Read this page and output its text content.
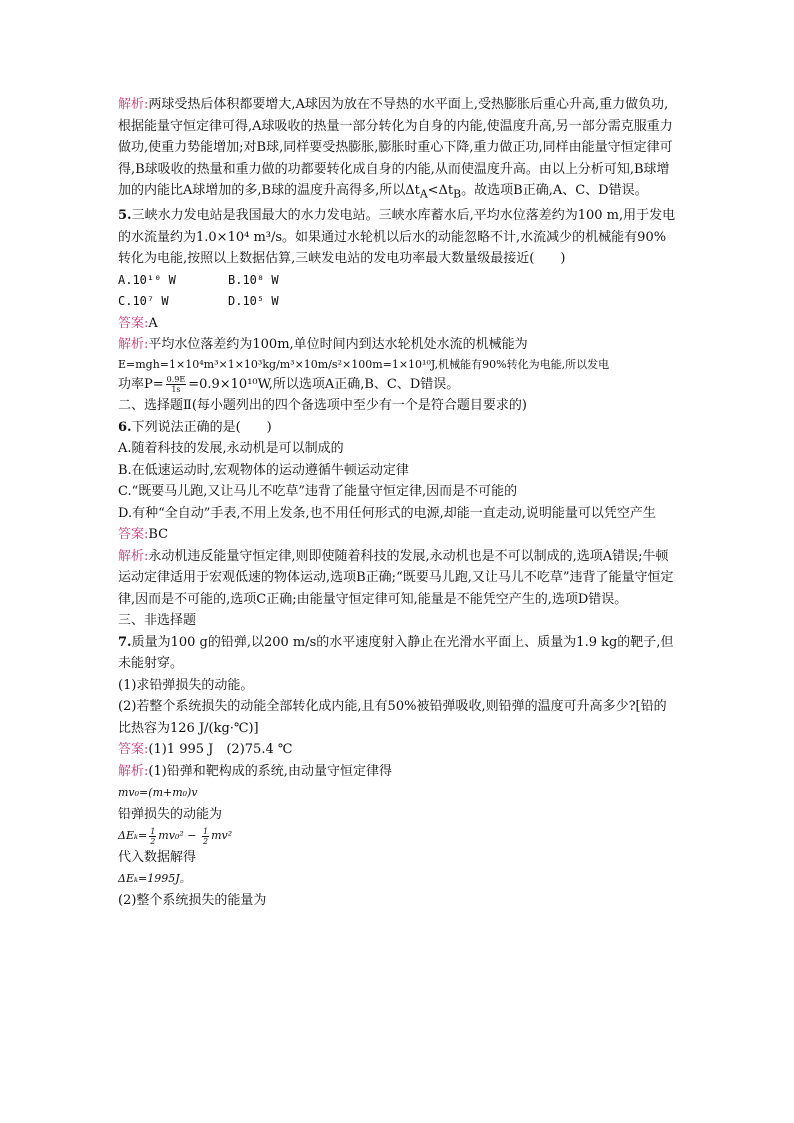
解析:两球受热后体积都要增大,A球因为放在不导热的水平面上,受热膨胀后重心升高,重力做负功,根据能量守恒定律可得,A球吸收的热量一部分转化为自身的内能,使温度升高,另一部分需克服重力做功,使重力势能增加;对B球,同样要受热膨胀,膨胀时重心下降,重力做正功,同样由能量守恒定律可得,B球吸收的热量和重力做的功都要转化成自身的内能,从而使温度升高。由以上分析可知,B球增加的内能比A球增加的多,B球的温度升高得多,所以$\Delta t_A<\Delta t_B$。故选项B正确,A、C、D错误。

5.三峡水力发电站是我国最大的水力发电站。三峡水库蓄水后,平均水位落差约为100 m,用于发电的水流量约为1.0×10⁴ m³/s。如果通过水轮机以后水的动能忽略不计,水流减少的机械能有90%转化为电能,按照以上数据估算,三峡发电站的发电功率最大数量级最接近(　　)

A.10¹⁰ W	B.10⁸ W
C.10⁷ W	D.10⁵ W

答案:A

解析:平均水位落差约为100m,单位时间内到达水轮机处水流的机械能为

E=mgh=1×10⁴m³×1×10³kg/m³×10m/s²×100m=1×10¹⁰J,机械能有90%转化为电能,所以发电

功率$P= \frac{0.9E}{1s} =0.9\times 10^{10}W$,所以选项A正确,B、C、D错误。

二、选择题Ⅱ(每小题列出的四个备选项中至少有一个是符合题目要求的)

6.下列说法正确的是(　　)

A.随着科技的发展,永动机是可以制成的

B.在低速运动时,宏观物体的运动遵循牛顿运动定律

C.“既要马儿跑,又让马儿不吃草”违背了能量守恒定律,因而是不可能的

D.有种“全自动”手表,不用上发条,也不用任何形式的电源,却能一直走动,说明能量可以凭空产生

答案:BC

解析:永动机违反能量守恒定律,则即使随着科技的发展,永动机也是不可以制成的,选项A错误;牛顿运动定律适用于宏观低速的物体运动,选项B正确;“既要马儿跑,又让马儿不吃草”违背了能量守恒定律,因而是不可能的,选项C正确;由能量守恒定律可知,能量是不能凭空产生的,选项D错误。

三、非选择题

7.质量为100 g的铅弹,以200 m/s的水平速度射入静止在光滑水平面上、质量为1.9 kg的靶子,但未能射穿。

(1)求铅弹损失的动能。

(2)若整个系统损失的动能全部转化成内能,且有50%被铅弹吸收,则铅弹的温度可升高多少?[铅的比热容为126 J/(kg·℃)]

答案:(1)1 995 J　(2)75.4 ℃

解析:(1)铅弹和靶构成的系统,由动量守恒定律得

mv₀=(m+m₀)v

铅弹损失的动能为

$\Delta E_k= \frac{1}{2} mv_0^2 - \frac{1}{2} mv^2$

代入数据解得

ΔEₖ=1995J。

(2)整个系统损失的能量为
